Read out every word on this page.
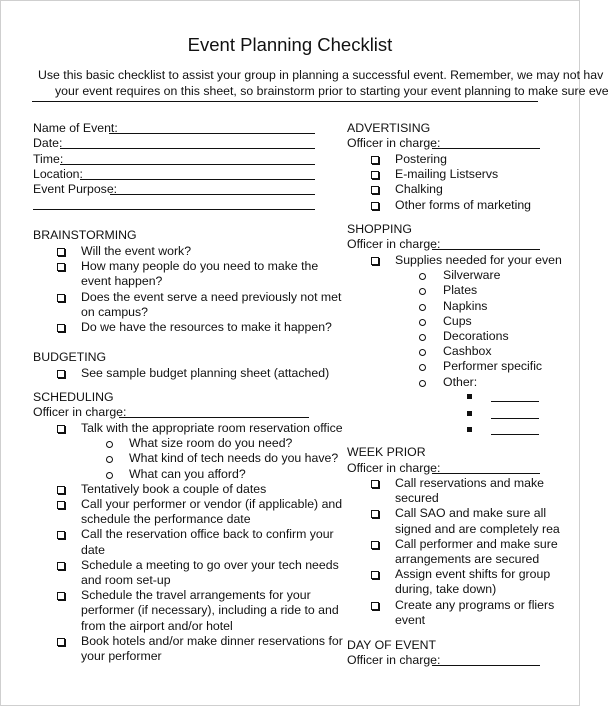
Event Planning Checklist
Use this basic checklist to assist your group in planning a successful event. Remember, we may not hav
your event requires on this sheet, so brainstorm prior to starting your event planning to make sure eve
Name of Event:
Date:
Time:
Location:
Event Purpose:
BRAINSTORMING
Will the event work?
How many people do you need to make the
event happen?
Does the event serve a need previously not met
on campus?
Do we have the resources to make it happen?
BUDGETING
See sample budget planning sheet (attached)
SCHEDULING
Officer in charge:
Talk with the appropriate room reservation office
What size room do you need?
What kind of tech needs do you have?
What can you afford?
Tentatively book a couple of dates
Call your performer or vendor (if applicable) and
schedule the performance date
Call the reservation office back to confirm your
date
Schedule a meeting to go over your tech needs
and room set-up
Schedule the travel arrangements for your
performer (if necessary), including a ride to and
from the airport and/or hotel
Book hotels and/or make dinner reservations for
your performer
ADVERTISING
Officer in charge:
Postering
E-mailing Listservs
Chalking
Other forms of marketing
SHOPPING
Officer in charge:
Supplies needed for your even
Silverware
Plates
Napkins
Cups
Decorations
Cashbox
Performer specific
Other:
WEEK PRIOR
Officer in charge:
Call reservations and make
secured
Call SAO and make sure all
signed and are completely rea
Call performer and make sure
arrangements are secured
Assign event shifts for group
during, take down)
Create any programs or fliers
event
DAY OF EVENT
Officer in charge:
